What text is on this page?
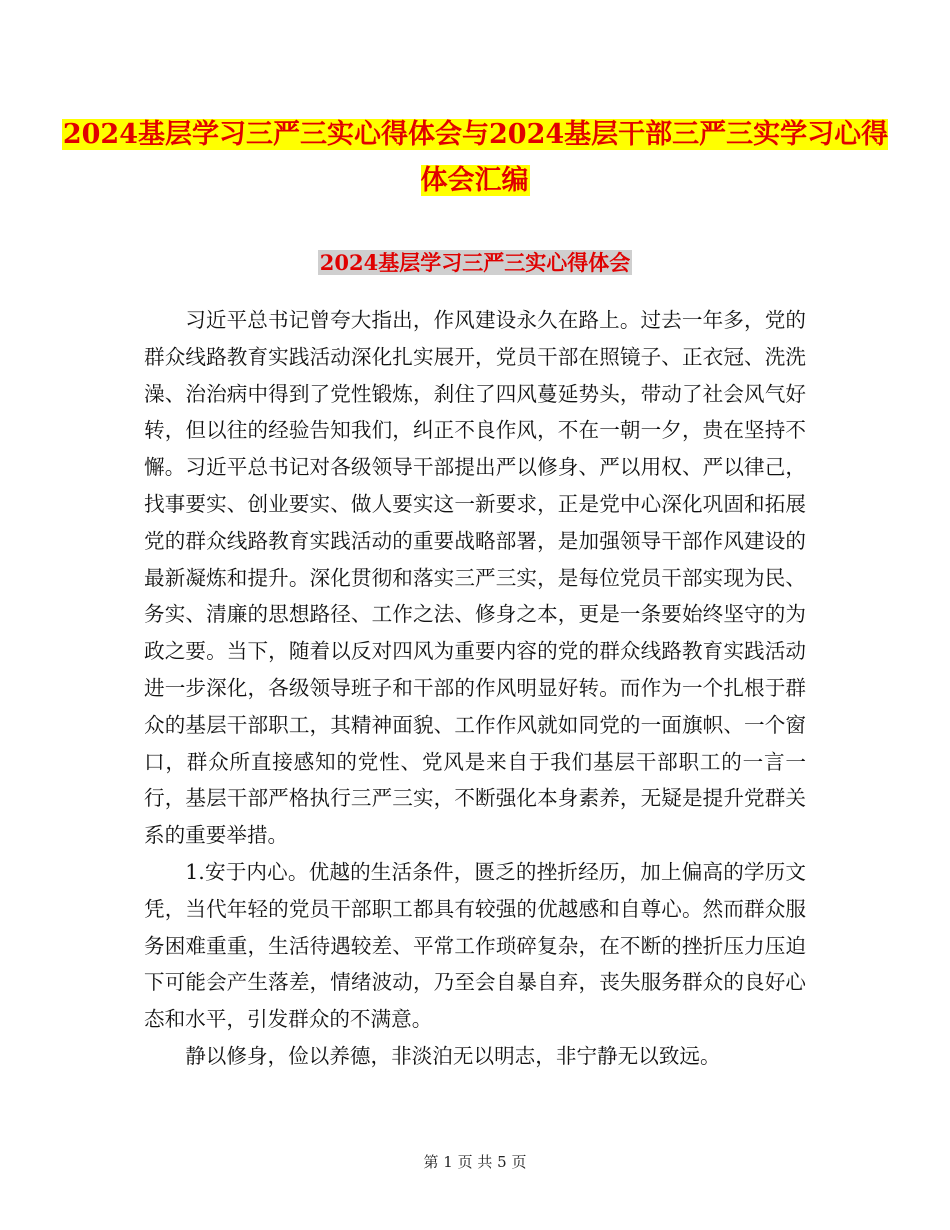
2024基层学习三严三实心得体会与2024基层干部三严三实学习心得体会汇编
2024基层学习三严三实心得体会

习近平总书记曾夸大指出，作风建设永久在路上。过去一年多，党的群众线路教育实践活动深化扎实展开，党员干部在照镜子、正衣冠、洗洗澡、治治病中得到了党性锻炼，刹住了四风蔓延势头，带动了社会风气好转，但以往的经验告知我们，纠正不良作风，不在一朝一夕，贵在坚持不懈。习近平总书记对各级领导干部提出严以修身、严以用权、严以律己，找事要实、创业要实、做人要实这一新要求，正是党中心深化巩固和拓展党的群众线路教育实践活动的重要战略部署，是加强领导干部作风建设的最新凝炼和提升。深化贯彻和落实三严三实，是每位党员干部实现为民、务实、清廉的思想路径、工作之法、修身之本，更是一条要始终坚守的为政之要。当下，随着以反对四风为重要内容的党的群众线路教育实践活动进一步深化，各级领导班子和干部的作风明显好转。而作为一个扎根于群众的基层干部职工，其精神面貌、工作作风就如同党的一面旗帜、一个窗口，群众所直接感知的党性、党风是来自于我们基层干部职工的一言一行，基层干部严格执行三严三实，不断强化本身素养，无疑是提升党群关系的重要举措。

1.安于内心。优越的生活条件，匮乏的挫折经历，加上偏高的学历文凭，当代年轻的党员干部职工都具有较强的优越感和自尊心。然而群众服务困难重重，生活待遇较差、平常工作琐碎复杂，在不断的挫折压力压迫下可能会产生落差，情绪波动，乃至会自暴自弃，丧失服务群众的良好心态和水平，引发群众的不满意。

静以修身，俭以养德，非淡泊无以明志，非宁静无以致远。

第 1 页 共 5 页
